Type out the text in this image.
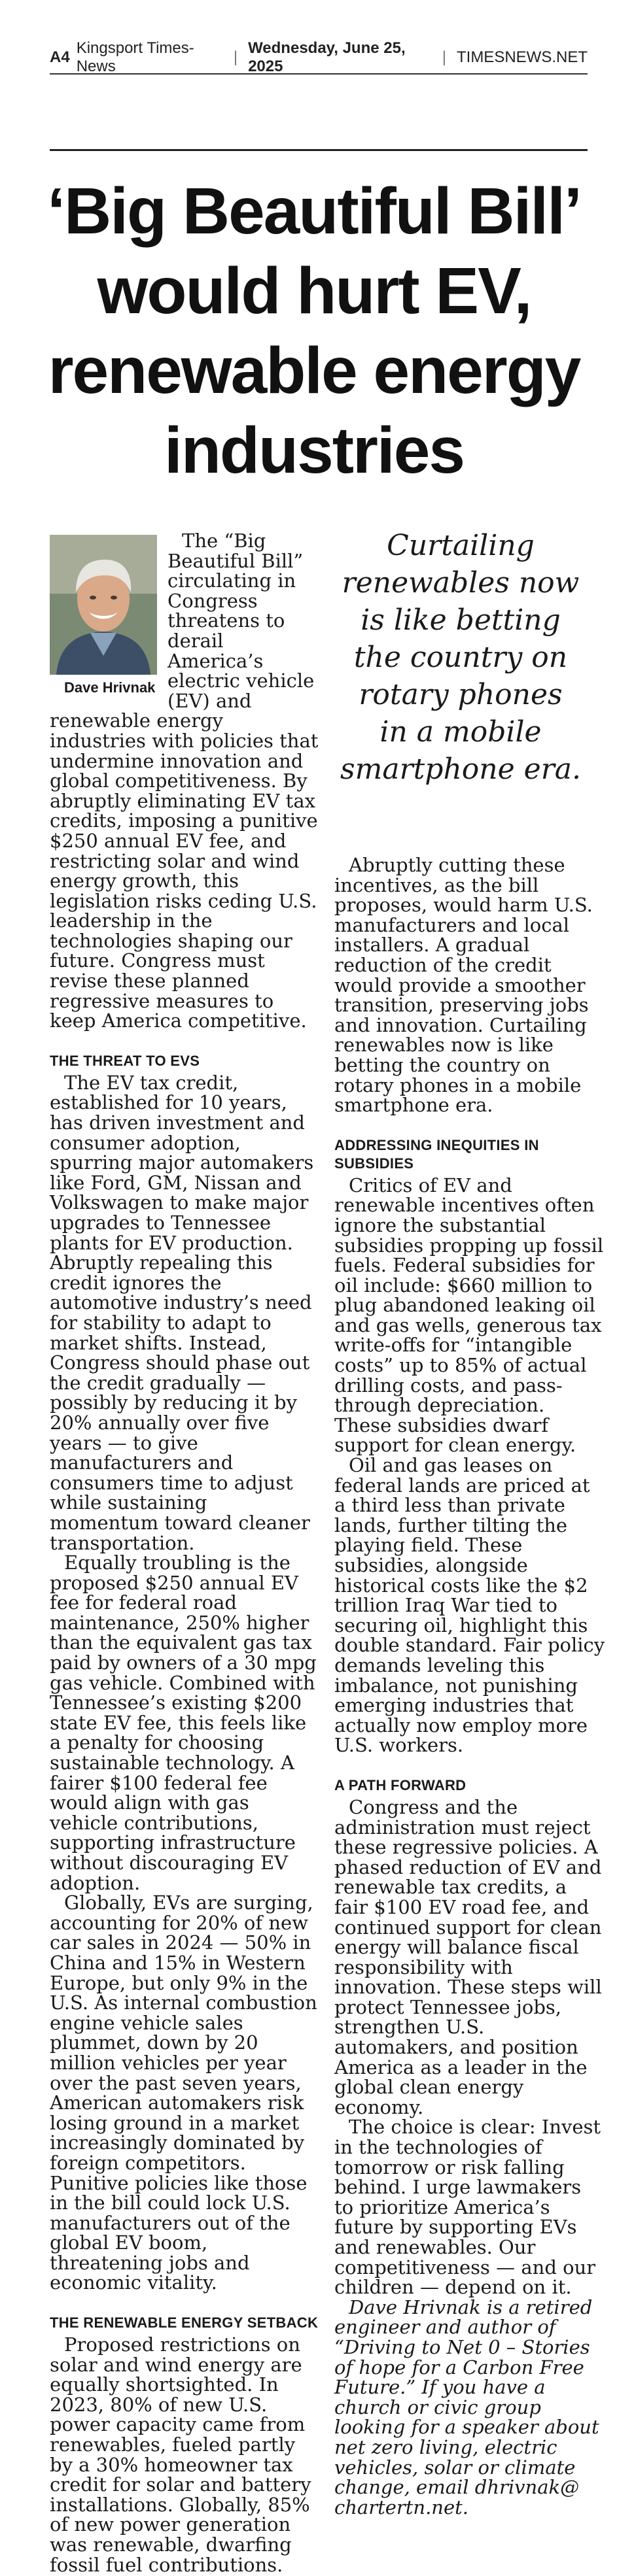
A4
Kingsport Times-News
|
Wednesday, June 25, 2025
| TIMESNEWS.NET
‘Big Beautiful Bill’
would hurt EV,
renewable energy
industries

Dave Hrivnak
The “Big Beautiful Bill” circulating in Congress threatens to derail America’s electric vehicle (EV) and renewable energy industries with policies that undermine innovation and global competitiveness. By abruptly eliminating EV tax credits, imposing a punitive $250 annual EV fee, and restricting solar and wind energy growth, this legislation risks ceding U.S. leadership in the technologies shaping our future. Congress must revise these planned regressive measures to keep America competitive.

THE THREAT TO EVS

The EV tax credit, established for 10 years, has driven investment and consumer adoption, spurring major automakers like Ford, GM, Nissan and Volkswagen to make major upgrades to Tennessee plants for EV production. Abruptly repealing this credit ignores the automotive industry’s need for stability to adapt to market shifts. Instead, Congress should phase out the credit gradually — possibly by reducing it by 20% annually over five years — to give manufacturers and consumers time to adjust while sustaining momentum toward cleaner transportation.

Equally troubling is the proposed $250 annual EV fee for federal road maintenance, 250% higher than the equivalent gas tax paid by owners of a 30 mpg gas vehicle. Combined with Tennessee’s existing $200 state EV fee, this feels like a penalty for choosing sustainable technology. A fairer $100 federal fee would align with gas vehicle contributions, supporting infrastructure without discouraging EV adoption.

Globally, EVs are surging, accounting for 20% of new car sales in 2024 — 50% in China and 15% in Western Europe, but only 9% in the U.S. As internal combustion engine vehicle sales plummet, down by 20 million vehicles per year over the past seven years, American automakers risk losing ground in a market increasingly dominated by foreign competitors. Punitive policies like those in the bill could lock U.S. manufacturers out of the global EV boom, threatening jobs and economic vitality.

THE RENEWABLE ENERGY SETBACK

Proposed restrictions on solar and wind energy are equally shortsighted. In 2023, 80% of new U.S. power capacity came from renewables, fueled partly by a 30% homeowner tax credit for solar and battery installations. Globally, 85% of new power generation was renewable, dwarfing fossil fuel contributions.

Curtailing
renewables now
is like betting
the country on
rotary phones
in a mobile
smartphone era.

Abruptly cutting these incentives, as the bill proposes, would harm U.S. manufacturers and local installers. A gradual reduction of the credit would provide a smoother transition, preserving jobs and innovation. Curtailing renewables now is like betting the country on rotary phones in a mobile smartphone era.

ADDRESSING INEQUITIES IN SUBSIDIES

Critics of EV and renewable incentives often ignore the substantial subsidies propping up fossil fuels. Federal subsidies for oil include: $660 million to plug abandoned leaking oil and gas wells, generous tax write-offs for “intangible costs” up to 85% of actual drilling costs, and pass-through depreciation. These subsidies dwarf support for clean energy.

Oil and gas leases on federal lands are priced at a third less than private lands, further tilting the playing field. These subsidies, alongside historical costs like the $2 trillion Iraq War tied to securing oil, highlight this double standard. Fair policy demands leveling this imbalance, not punishing emerging industries that actually now employ more U.S. workers.

A PATH FORWARD

Congress and the administration must reject these regressive policies. A phased reduction of EV and renewable tax credits, a fair $100 EV road fee, and continued support for clean energy will balance fiscal responsibility with innovation. These steps will protect Tennessee jobs, strengthen U.S. automakers, and position America as a leader in the global clean energy economy.

The choice is clear: Invest in the technologies of tomorrow or risk falling behind. I urge lawmakers to prioritize America’s future by supporting EVs and renewables. Our competitiveness — and our children — depend on it.

Dave Hrivnak is a retired engineer and author of “Driving to Net 0 – Stories of hope for a Carbon Free Future.” If you have a church or civic group looking for a speaker about net zero living, electric vehicles, solar or climate change, email dhrivnak@ chartertn.net.
